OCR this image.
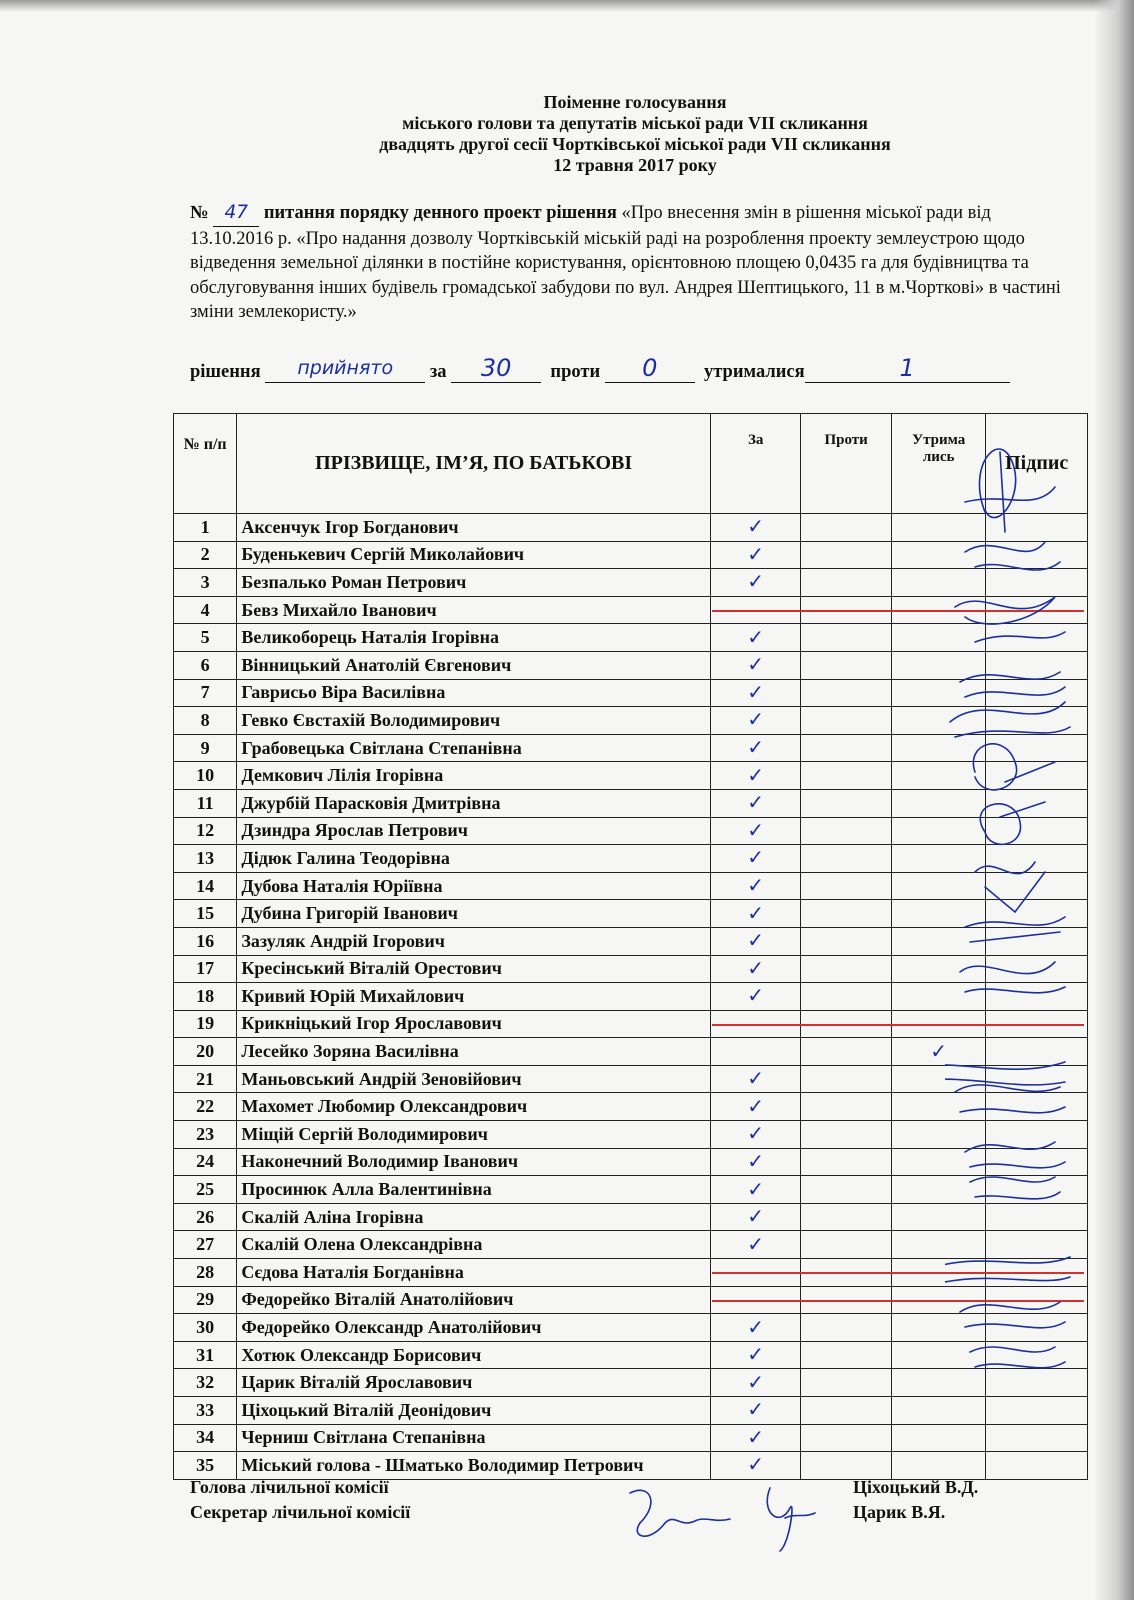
Поіменне голосування
міського голови та депутатів міської ради VII скликання
двадцять другої сесії Чортківської міської ради VII скликання
12 травня 2017 року
№ 47 питання порядку денного проект рішення «Про внесення змін в рішення міської ради від 13.10.2016 р. «Про надання дозволу Чортківській міській раді на розроблення проекту землеустрою щодо відведення земельної ділянки в постійне користування, орієнтовною площею 0,0435 га для будівництва та обслуговування інших будівель громадської забудови по вул. Андрея Шептицького, 11 в м.Чорткові» в частині зміни землекористу.»
рішення прийнято за 30 проти 0	утрималися	1
№ п/п	ПРІЗВИЩЕ, ІМ’Я, ПО БАТЬКОВІ	За	Проти	Утрима лись	Підпис
1	Аксенчук Ігор Богданович	✓			
2	Буденькевич Сергій Миколайович	✓			
3	Безпалько Роман Петрович	✓			
4	Бевз Михайло Іванович				
5	Великоборець Наталія Ігорівна	✓			
6	Вінницький Анатолій Євгенович	✓			
7	Гаврисьо Віра Василівна	✓			
8	Гевко Євстахій Володимирович	✓			
9	Грабовецька Світлана Степанівна	✓			
10	Демкович Лілія Ігорівна	✓			
11	Джурбій Парасковія Дмитрівна	✓			
12	Дзиндра Ярослав Петрович	✓			
13	Дідюк Галина Теодорівна	✓			
14	Дубова Наталія Юріївна	✓			
15	Дубина Григорій Іванович	✓			
16	Зазуляк Андрій Ігорович	✓			
17	Кресінський Віталій Орестович	✓			
18	Кривий Юрій Михайлович	✓			
19	Крикніцький Ігор Ярославович				
20	Лесейко Зоряна Василівна			✓	
21	Маньовський Андрій Зеновійович	✓			
22	Махомет Любомир Олександрович	✓			
23	Міщій Сергій Володимирович	✓			
24	Наконечний Володимир Іванович	✓			
25	Просинюк Алла Валентинівна	✓			
26	Скалій Аліна Ігорівна	✓			
27	Скалій Олена Олександрівна	✓			
28	Сєдова Наталія Богданівна				
29	Федорейко Віталій Анатолійович				
30	Федорейко Олександр Анатолійович	✓			
31	Хотюк Олександр Борисович	✓			
32	Царик Віталій Ярославович	✓			
33	Ціхоцький Віталій Деонідович	✓			
34	Черниш Світлана Степанівна	✓			
35	Міський голова - Шматько Володимир Петрович	✓			
Голова лічильної комісії
Секретар лічильної комісії
Ціхоцький В.Д.
Царик В.Я.
